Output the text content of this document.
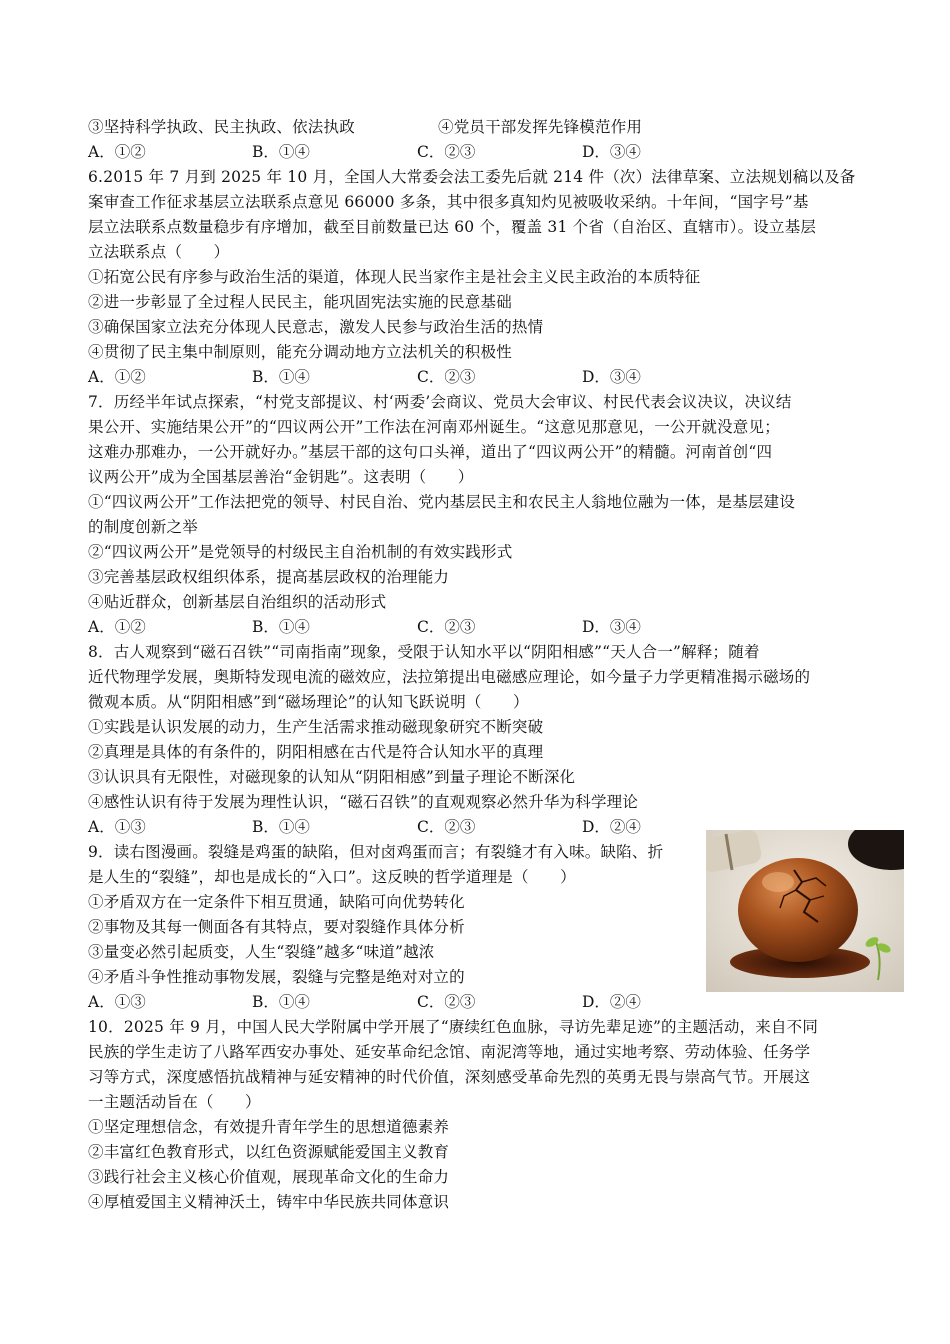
③坚持科学执政、民主执政、依法执政	④党员干部发挥先锋模范作用
A．①②	B．①④	C．②③	D．③④
6.2015 年 7 月到 2025 年 10 月，全国人大常委会法工委先后就 214 件（次）法律草案、立法规划稿以及备
案审查工作征求基层立法联系点意见 66000 多条，其中很多真知灼见被吸收采纳。十年间，“国字号”基
层立法联系点数量稳步有序增加，截至目前数量已达 60 个，覆盖 31 个省（自治区、直辖市）。设立基层
立法联系点（　　）
①拓宽公民有序参与政治生活的渠道，体现人民当家作主是社会主义民主政治的本质特征
②进一步彰显了全过程人民民主，能巩固宪法实施的民意基础
③确保国家立法充分体现人民意志，激发人民参与政治生活的热情
④贯彻了民主集中制原则，能充分调动地方立法机关的积极性
A．①②	B．①④	C．②③	D．③④
7．历经半年试点探索，“村党支部提议、村‘两委’会商议、党员大会审议、村民代表会议决议，决议结
果公开、实施结果公开”的“四议两公开”工作法在河南邓州诞生。“这意见那意见，一公开就没意见；
这难办那难办，一公开就好办。”基层干部的这句口头禅，道出了“四议两公开”的精髓。河南首创“四
议两公开”成为全国基层善治“金钥匙”。这表明（　　）
①“四议两公开”工作法把党的领导、村民自治、党内基层民主和农民主人翁地位融为一体，是基层建设
的制度创新之举
②“四议两公开”是党领导的村级民主自治机制的有效实践形式
③完善基层政权组织体系，提高基层政权的治理能力
④贴近群众，创新基层自治组织的活动形式
A．①②	B．①④	C．②③	D．③④
8．古人观察到“磁石召铁”“司南指南”现象，受限于认知水平以“阴阳相感”“天人合一”解释；随着
近代物理学发展，奥斯特发现电流的磁效应，法拉第提出电磁感应理论，如今量子力学更精准揭示磁场的
微观本质。从“阴阳相感”到“磁场理论”的认知飞跃说明（　　）
①实践是认识发展的动力，生产生活需求推动磁现象研究不断突破
②真理是具体的有条件的，阴阳相感在古代是符合认知水平的真理
③认识具有无限性，对磁现象的认知从“阴阳相感”到量子理论不断深化
④感性认识有待于发展为理性认识，“磁石召铁”的直观观察必然升华为科学理论
A．①③	B．①④	C．②③	D．②④
9．读右图漫画。裂缝是鸡蛋的缺陷，但对卤鸡蛋而言；有裂缝才有入味。缺陷、折
是人生的“裂缝”，却也是成长的“入口”。这反映的哲学道理是（　　）
①矛盾双方在一定条件下相互贯通，缺陷可向优势转化
②事物及其每一侧面各有其特点，要对裂缝作具体分析
③量变必然引起质变，人生“裂缝”越多“味道”越浓
④矛盾斗争性推动事物发展，裂缝与完整是绝对对立的
A．①③	B．①④	C．②③	D．②④
10．2025 年 9 月，中国人民大学附属中学开展了“赓续红色血脉，寻访先辈足迹”的主题活动，来自不同
民族的学生走访了八路军西安办事处、延安革命纪念馆、南泥湾等地，通过实地考察、劳动体验、任务学
习等方式，深度感悟抗战精神与延安精神的时代价值，深刻感受革命先烈的英勇无畏与崇高气节。开展这
一主题活动旨在（　　）
①坚定理想信念，有效提升青年学生的思想道德素养
②丰富红色教育形式，以红色资源赋能爱国主义教育
③践行社会主义核心价值观，展现革命文化的生命力
④厚植爱国主义精神沃土，铸牢中华民族共同体意识
